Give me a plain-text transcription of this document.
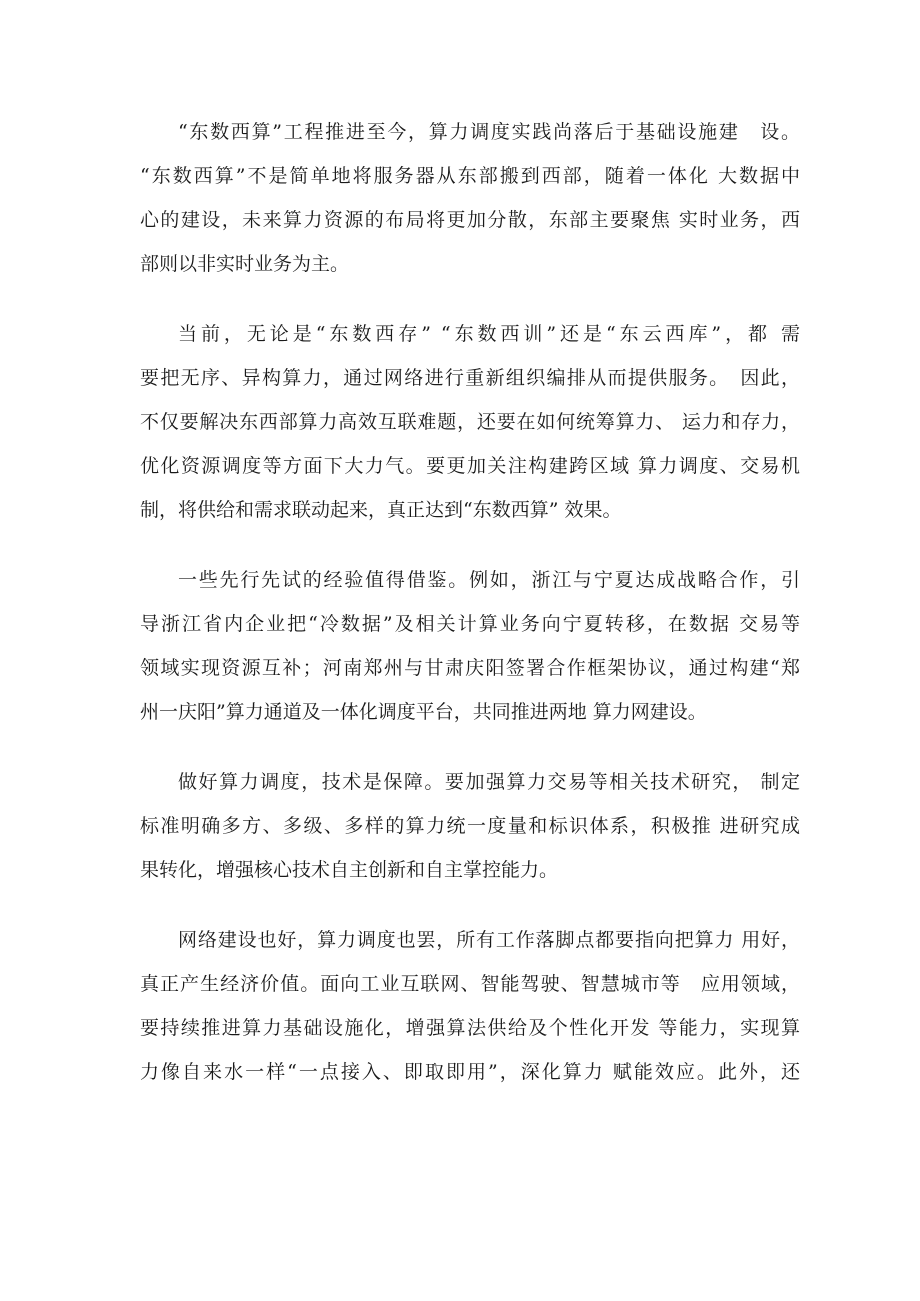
“东数西算”工程推进至今，算力调度实践尚落后于基础设施建　设。
“东数西算”不是简单地将服务器从东部搬到西部，随着一体化 大数据中
心的建设，未来算力资源的布局将更加分散，东部主要聚焦 实时业务，西
部则以非实时业务为主。
当前，无论是“东数西存” “东数西训”还是“东云西库”，都 需
要把无序、异构算力，通过网络进行重新组织编排从而提供服务。　因此，
不仅要解决东西部算力高效互联难题，还要在如何统筹算力、 运力和存力，
优化资源调度等方面下大力气。要更加关注构建跨区域 算力调度、交易机
制，将供给和需求联动起来，真正达到“东数西算” 效果。
一些先行先试的经验值得借鉴。例如，浙江与宁夏达成战略合作，引
导浙江省内企业把“冷数据”及相关计算业务向宁夏转移，在数据 交易等
领域实现资源互补；河南郑州与甘肃庆阳签署合作框架协议，通过构建“郑
州一庆阳”算力通道及一体化调度平台，共同推进两地 算力网建设。
做好算力调度，技术是保障。要加强算力交易等相关技术研究， 制定
标准明确多方、多级、多样的算力统一度量和标识体系，积极推 进研究成
果转化，增强核心技术自主创新和自主掌控能力。
网络建设也好，算力调度也罢，所有工作落脚点都要指向把算力 用好，
真正产生经济价值。面向工业互联网、智能驾驶、智慧城市等　应用领域，
要持续推进算力基础设施化，增强算法供给及个性化开发 等能力，实现算
力像自来水一样“一点接入、即取即用”，深化算力 赋能效应。此外，还
